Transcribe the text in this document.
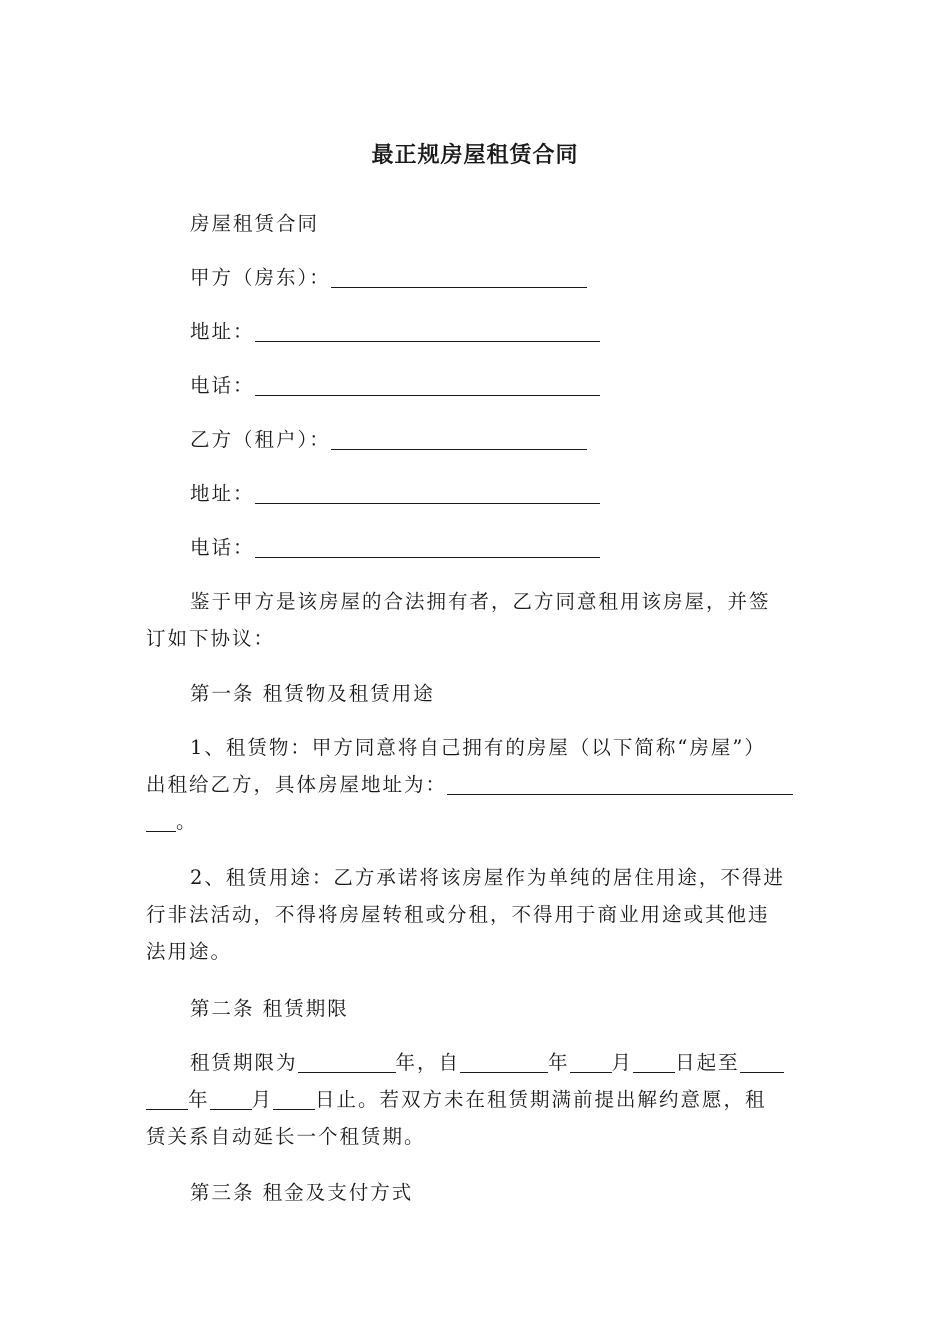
最正规房屋租赁合同
房屋租赁合同
甲方（房东）：
地址：
电话：
乙方（租户）：
地址：
电话：
鉴于甲方是该房屋的合法拥有者，乙方同意租用该房屋，并签
订如下协议：
第一条 租赁物及租赁用途
1、租赁物：甲方同意将自己拥有的房屋（以下简称“房屋”）
出租给乙方，具体房屋地址为：
。
2、租赁用途：乙方承诺将该房屋作为单纯的居住用途，不得进
行非法活动，不得将房屋转租或分租，不得用于商业用途或其他违
法用途。
第二条 租赁期限
租赁期限为	年，自	年 月 日起至
年 月 日止。若双方未在租赁期满前提出解约意愿，租
赁关系自动延长一个租赁期。
第三条 租金及支付方式
